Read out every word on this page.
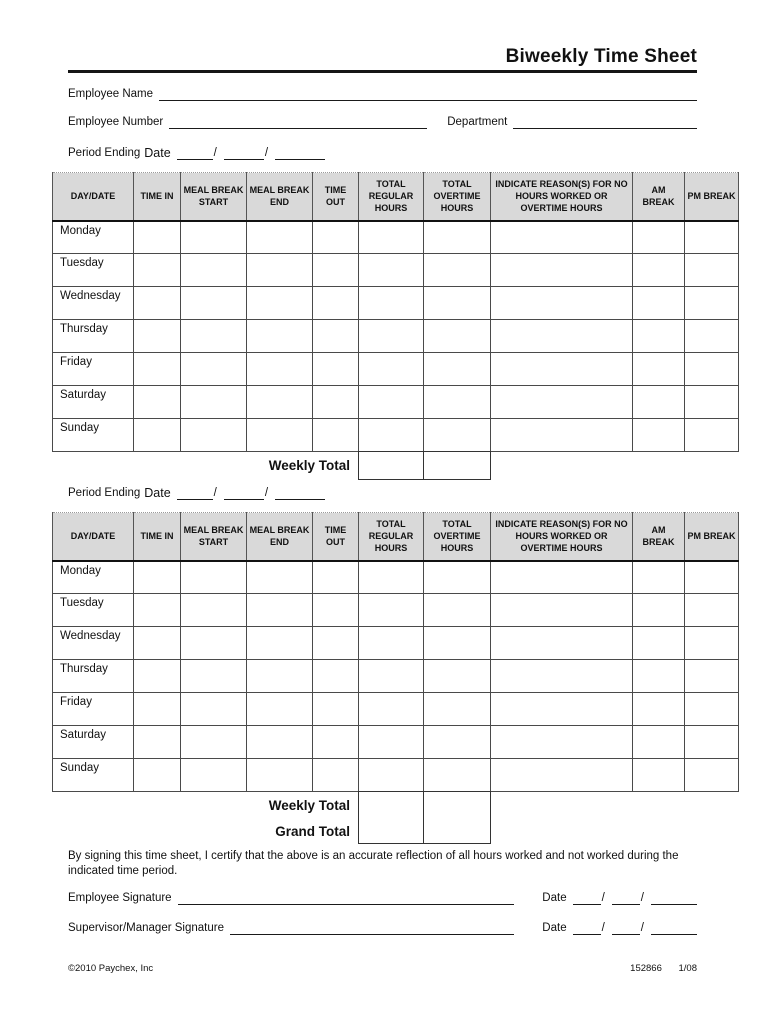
Biweekly Time Sheet
Employee Name
Employee Number	Department
Period Ending Date	/	/
DAY/DATE	TIME IN	MEAL BREAK START	MEAL BREAK END	TIME OUT	TOTAL REGULAR HOURS	TOTAL OVERTIME HOURS	INDICATE REASON(S) FOR NO HOURS WORKED OR OVERTIME HOURS	AM BREAK	PM BREAK
Monday									
Tuesday									
Wednesday									
Thursday									
Friday									
Saturday									
Sunday									
Weekly Total
Period Ending Date	/	/
DAY/DATE	TIME IN	MEAL BREAK START	MEAL BREAK END	TIME OUT	TOTAL REGULAR HOURS	TOTAL OVERTIME HOURS	INDICATE REASON(S) FOR NO HOURS WORKED OR OVERTIME HOURS	AM BREAK	PM BREAK
Monday									
Tuesday									
Wednesday									
Thursday									
Friday									
Saturday									
Sunday									
Weekly Total
Grand Total
By signing this time sheet, I certify that the above is an accurate reflection of all hours worked and not worked during the
indicated time period.
Employee Signature	Date	/	/
Supervisor/Manager Signature	Date	/	/
©2010 Paychex, Inc	152866 1/08
